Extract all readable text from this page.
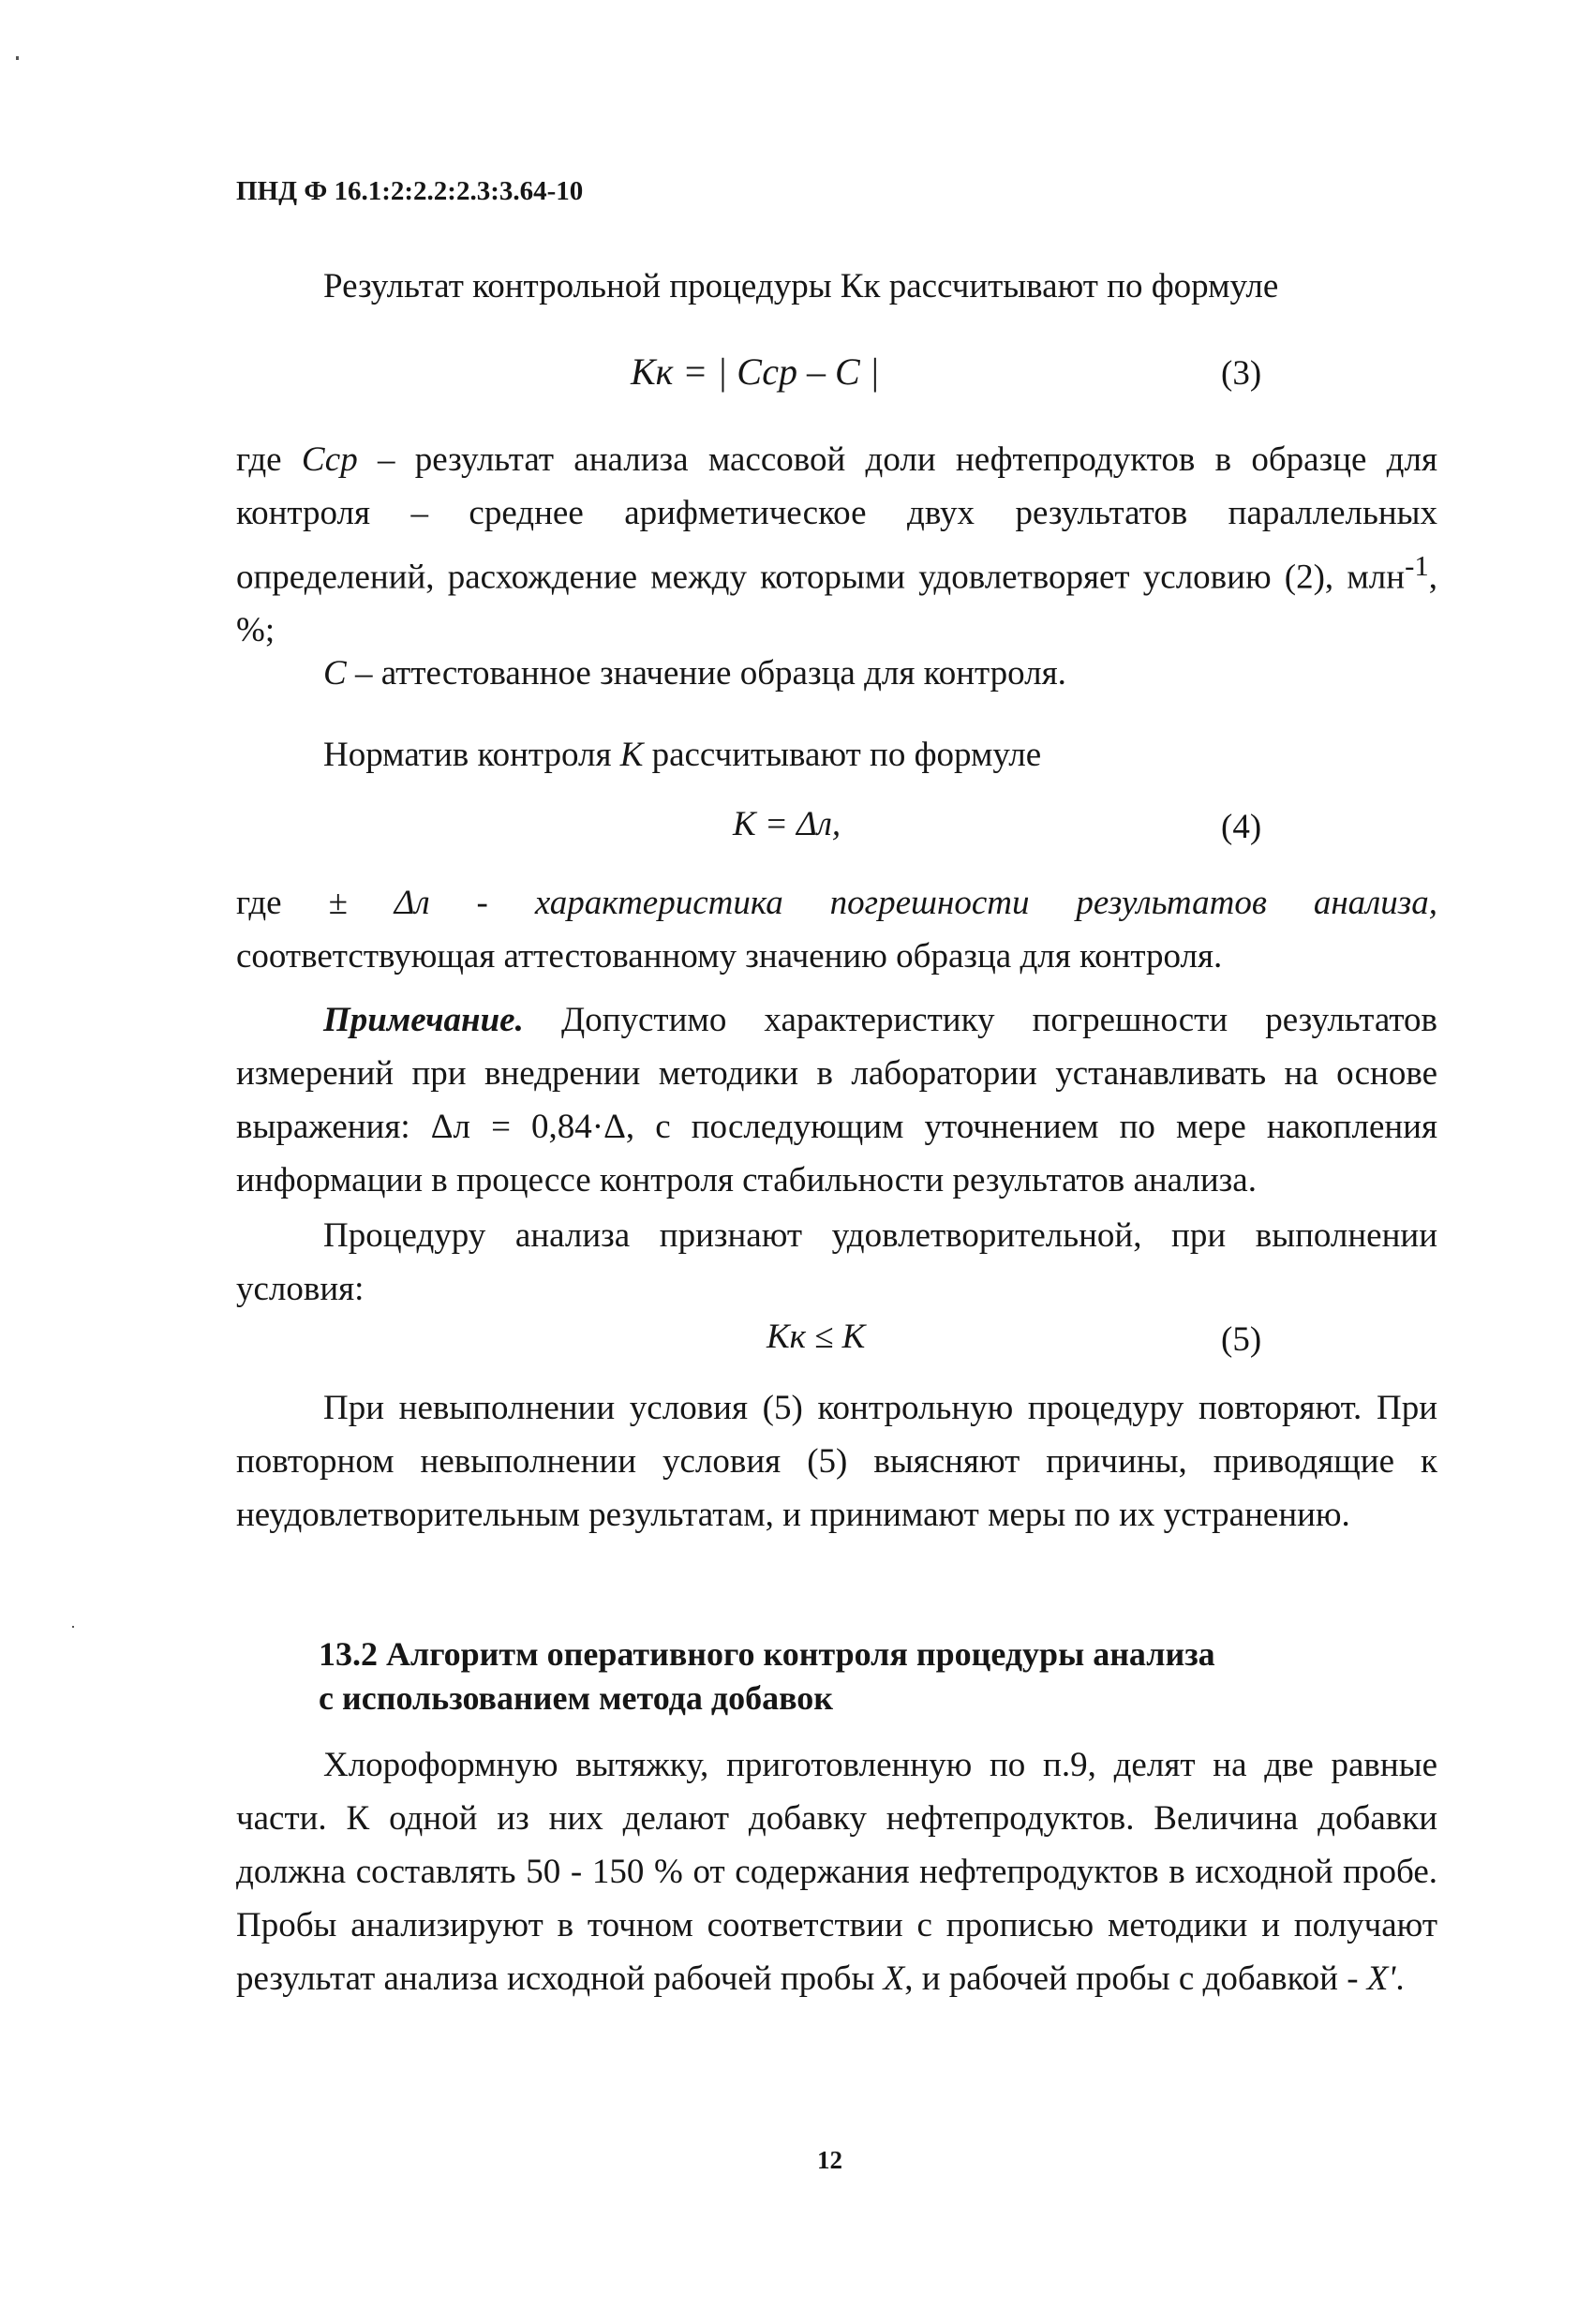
ПНД Ф 16.1:2:2.2:2.3:3.64-10

Результат контрольной процедуры Кк рассчитывают по формуле

Кк = | Сср – С |	(3)

где Сср – результат анализа массовой доли нефтепродуктов в образце для контроля – среднее арифметическое двух результатов параллельных определений, расхождение между которыми удовлетворяет условию (2), млн$^{-1}$, %;

С – аттестованное значение образца для контроля.

Норматив контроля К рассчитывают по формуле

К = Δл,	(4)

где ± Δл - характеристика погрешности результатов анализа, соответствующая аттестованному значению образца для контроля.

Примечание. Допустимо характеристику погрешности результатов измерений при внедрении методики в лаборатории устанавливать на основе выражения: Δл = 0,84·Δ, с последующим уточнением по мере накопления информации в процессе контроля стабильности результатов анализа.

Процедуру анализа признают удовлетворительной, при выполнении условия:

Кк ≤ К	(5)

При невыполнении условия (5) контрольную процедуру повторяют. При повторном невыполнении условия (5) выясняют причины, приводящие к неудовлетворительным результатам, и принимают меры по их устранению.

13.2 Алгоритм оперативного контроля процедуры анализа
с использованием метода добавок

Хлороформную вытяжку, приготовленную по п.9, делят на две равные части. К одной из них делают добавку нефтепродуктов. Величина добавки должна составлять 50 - 150 % от содержания нефтепродуктов в исходной пробе. Пробы анализируют в точном соответствии с прописью методики и получают результат анализа исходной рабочей пробы X, и рабочей пробы с добавкой - X'.

12
